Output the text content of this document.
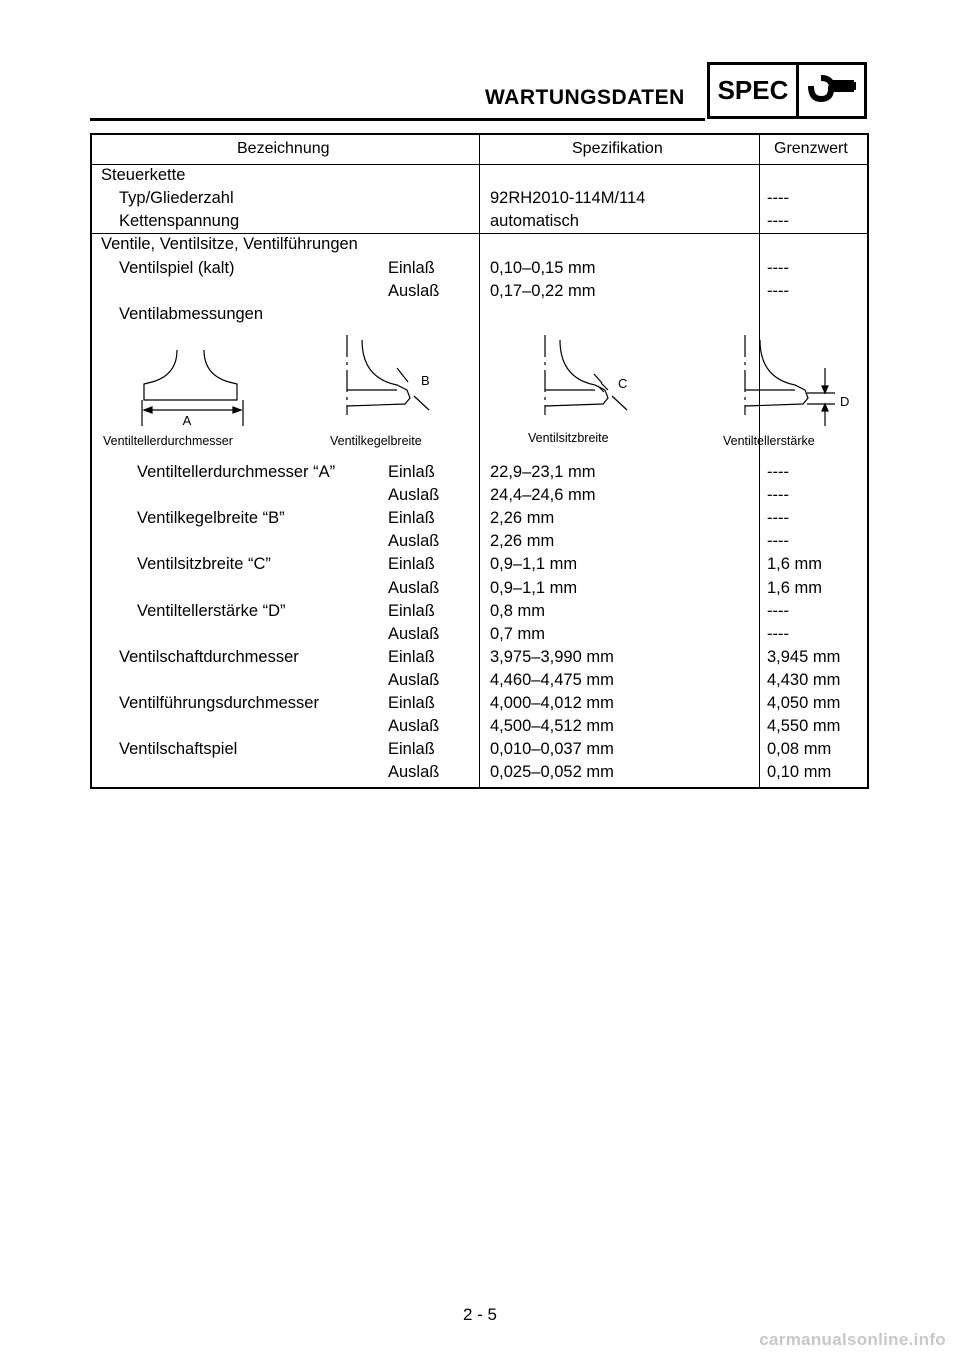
WARTUNGSDATEN SPEC
Bezeichnung	Spezifikation	Grenzwert
Steuerkette
Typ/Gliederzahl	92RH2010-114M/114	----
Kettenspannung	automatisch	----
Ventile, Ventilsitze, Ventilführungen
Ventilspiel (kalt)	Einlaß	0,10–0,15 mm	----
Auslaß	0,17–0,22 mm	----
Ventilabmessungen
A
B	C
D
Ventiltellerdurchmesser	Ventilkegelbreite	Ventilsitzbreite	Ventiltellerstärke
Ventiltellerdurchmesser “A”	Einlaß	22,9–23,1 mm	----
Auslaß	24,4–24,6 mm	----
Ventilkegelbreite “B”	Einlaß	2,26 mm	----
Auslaß	2,26 mm	----
Ventilsitzbreite “C”	Einlaß	0,9–1,1 mm	1,6 mm
Auslaß	0,9–1,1 mm	1,6 mm
Ventiltellerstärke “D”	Einlaß	0,8 mm	----
Auslaß	0,7 mm	----
Ventilschaftdurchmesser	Einlaß	3,975–3,990 mm	3,945 mm
Auslaß	4,460–4,475 mm	4,430 mm
Ventilführungsdurchmesser	Einlaß	4,000–4,012 mm	4,050 mm
Auslaß	4,500–4,512 mm	4,550 mm
Ventilschaftspiel	Einlaß	0,010–0,037 mm	0,08 mm
Auslaß	0,025–0,052 mm	0,10 mm
2 - 5
carmanualsonline.info
